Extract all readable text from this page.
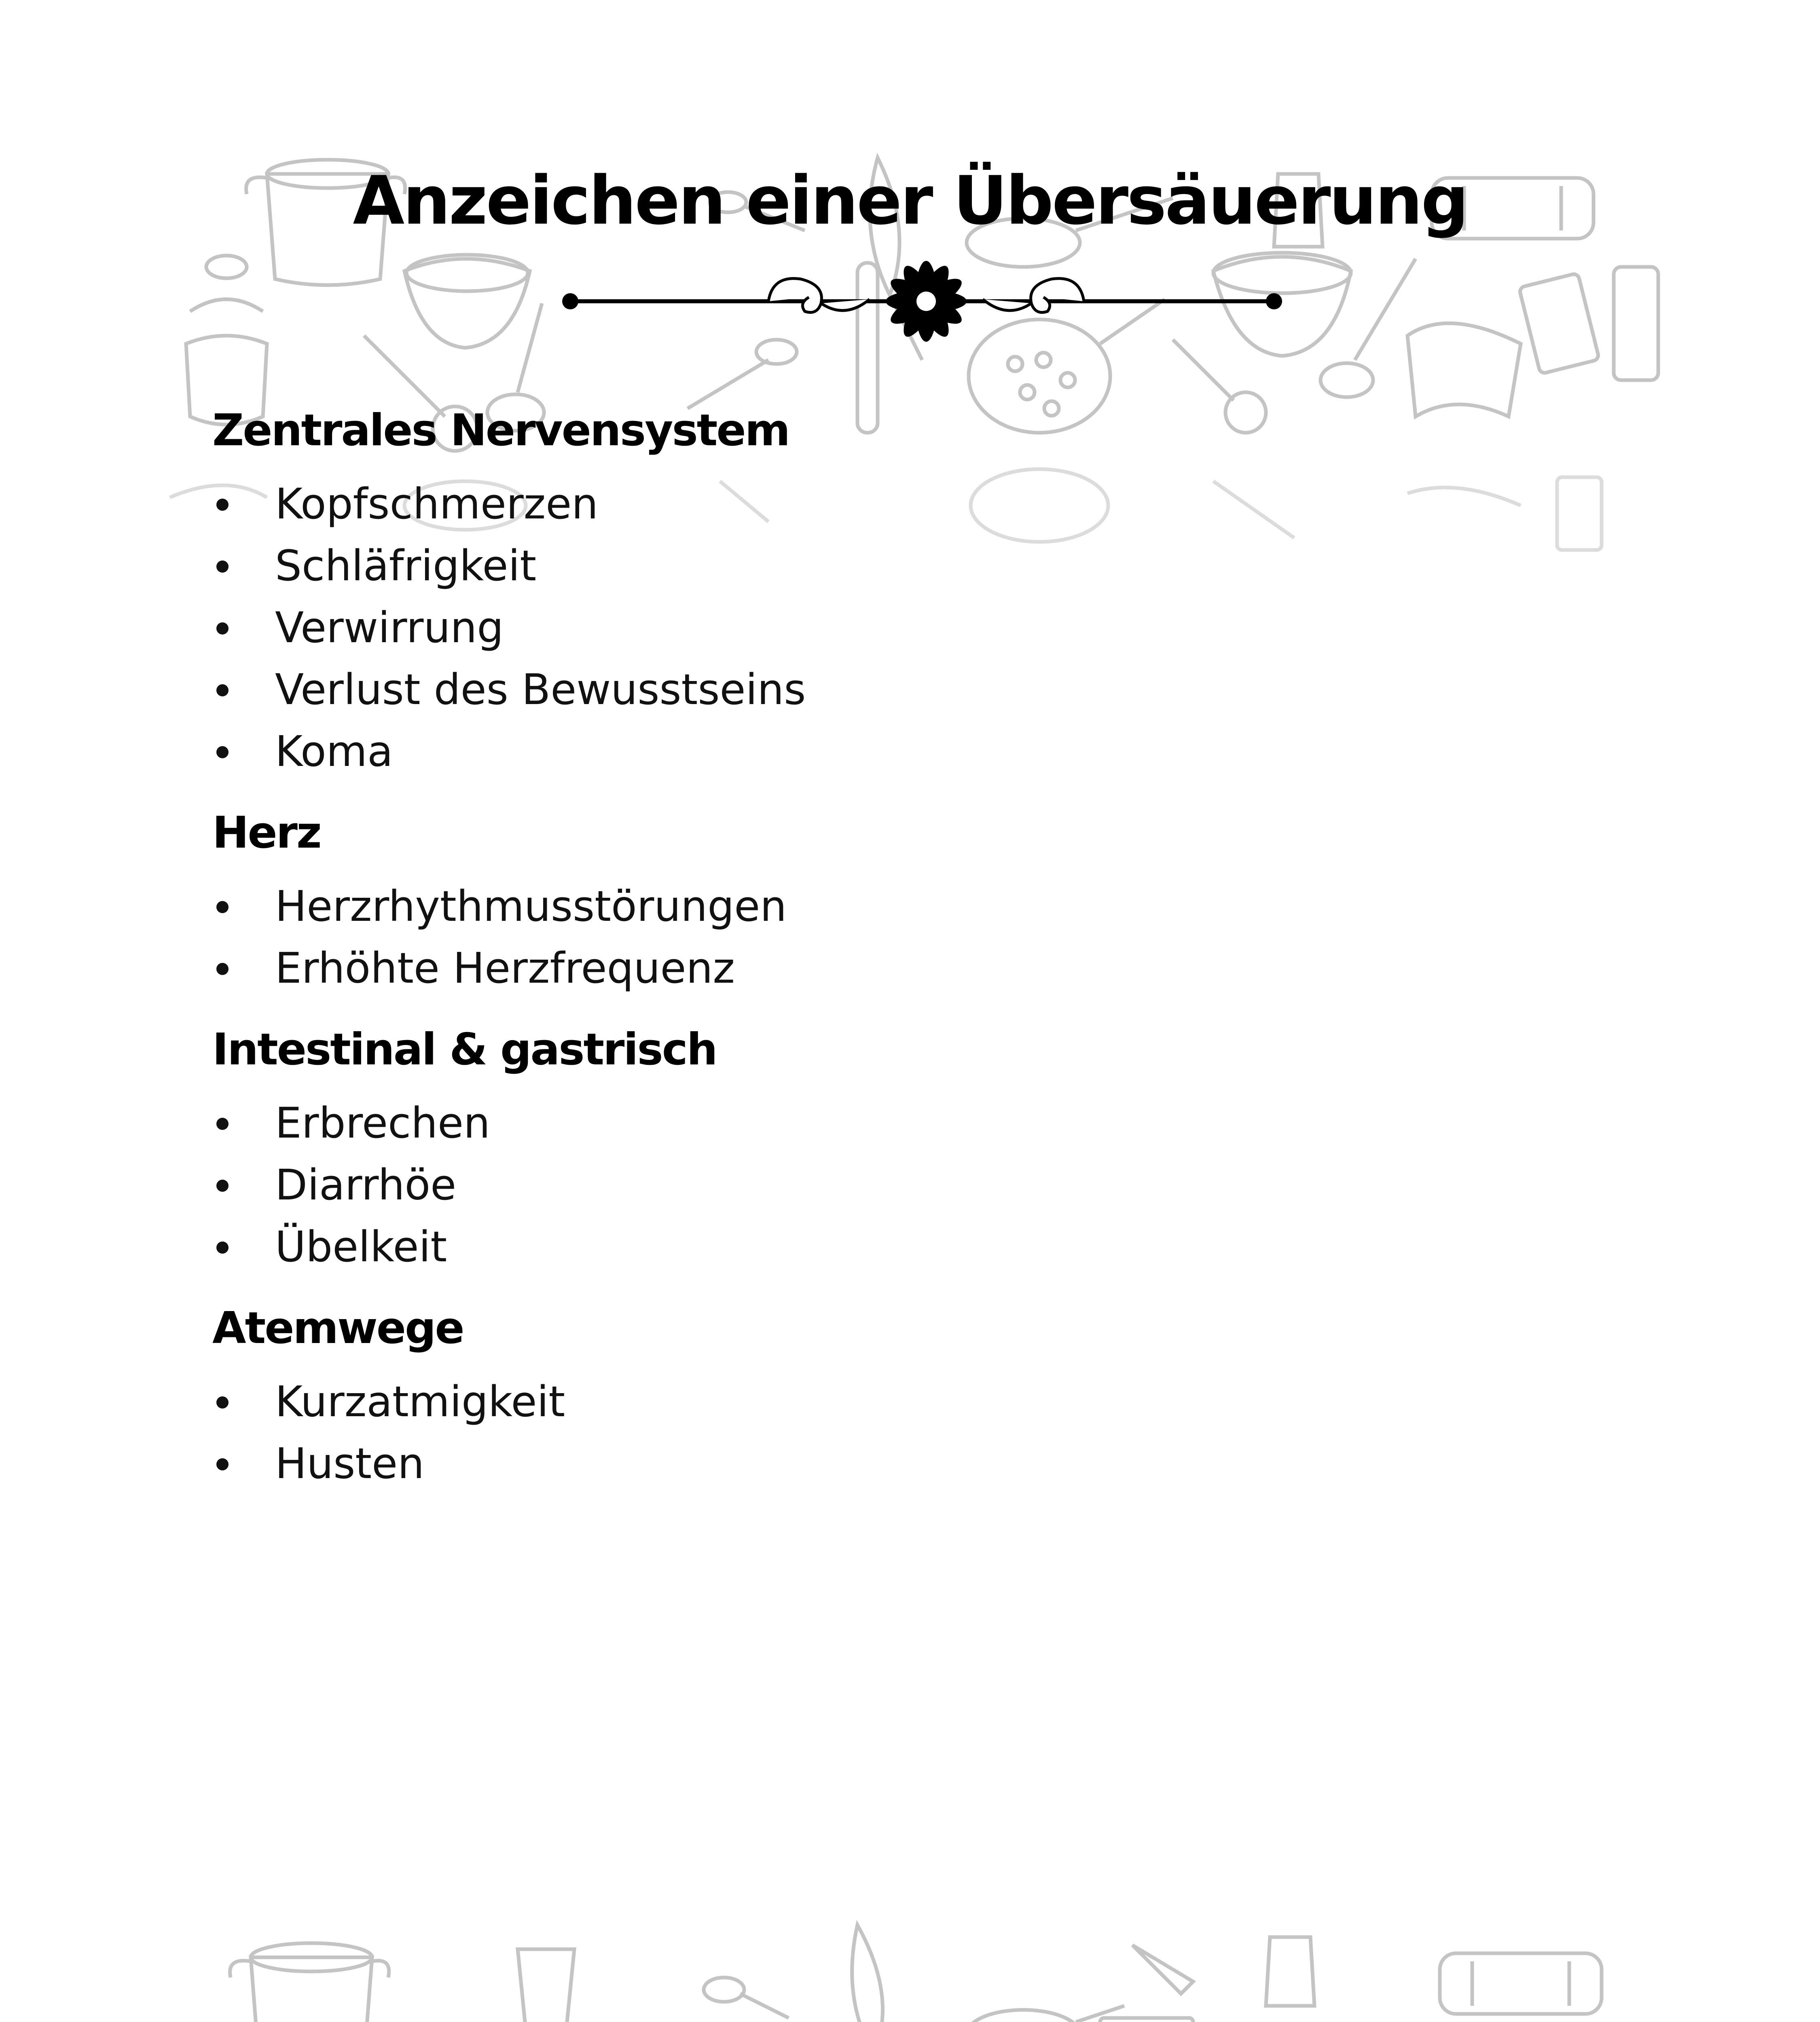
Anzeichen einer Übersäuerung
Zentrales Nervensystem
Kopfschmerzen
Schläfrigkeit
Verwirrung
Verlust des Bewusstseins
Koma
Herz
Herzrhythmusstörungen
Erhöhte Herzfrequenz
Intestinal & gastrisch
Erbrechen
Diarrhöe
Übelkeit
Atemwege
Kurzatmigkeit
Husten
